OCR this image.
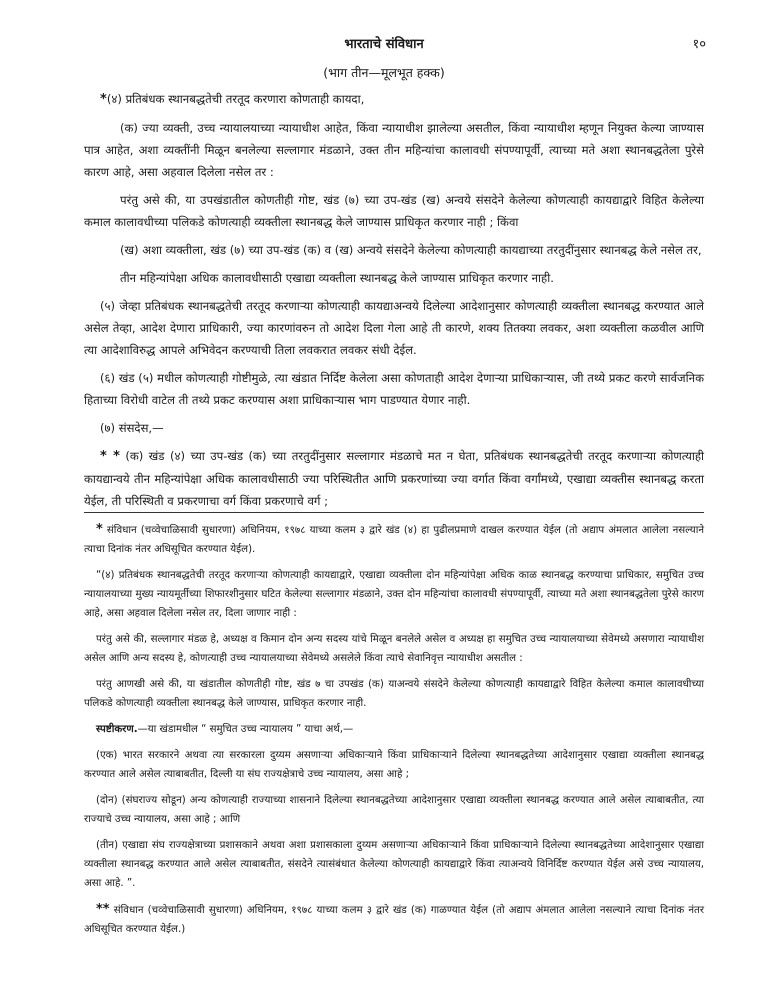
भारताचे संविधान	१०
(भाग तीन—मूलभूत हक्क)

*(४) प्रतिबंधक स्थानबद्धतेची तरतूद करणारा कोणताही कायदा,

(क) ज्या व्यक्ती, उच्च न्यायालयाच्या न्यायाधीश आहेत, किंवा न्यायाधीश झालेल्या असतील, किंवा न्यायाधीश म्हणून नियुक्त केल्या जाण्यास पात्र आहेत, अशा व्यक्तींनी मिळून बनलेल्या सल्लागार मंडळाने, उक्त तीन महिन्यांचा कालावधी संपण्यापूर्वी, त्याच्या मते अशा स्थानबद्धतेला पुरेसे कारण आहे, असा अहवाल दिलेला नसेल तर :

परंतु असे की, या उपखंडातील कोणतीही गोष्ट, खंड (७) च्या उप-खंड (ख) अन्वये संसदेने केलेल्या कोणत्याही कायद्याद्वारे विहित केलेल्या कमाल कालावधीच्या पलिकडे कोणत्याही व्यक्तीला स्थानबद्ध केले जाण्यास प्राधिकृत करणार नाही ; किंवा

(ख) अशा व्यक्तीला, खंड (७) च्या उप-खंड (क) व (ख) अन्वये संसदेने केलेल्या कोणत्याही कायद्याच्या तरतुदींनुसार स्थानबद्ध केले नसेल तर,

तीन महिन्यांपेक्षा अधिक कालावधीसाठी एखाद्या व्यक्तीला स्थानबद्ध केले जाण्यास प्राधिकृत करणार नाही.

(५) जेव्हा प्रतिबंधक स्थानबद्धतेची तरतूद करणाऱ्या कोणत्याही कायद्याअन्वये दिलेल्या आदेशानुसार कोणत्याही व्यक्तीला स्थानबद्ध करण्यात आले असेल तेव्हा, आदेश देणारा प्राधिकारी, ज्या कारणांवरुन तो आदेश दिला गेला आहे ती कारणे, शक्य तितक्या लवकर, अशा व्यक्तीला कळवील आणि त्या आदेशाविरुद्ध आपले अभिवेदन करण्याची तिला लवकरात लवकर संधी देईल.

(६) खंड (५) मधील कोणत्याही गोष्टीमुळे, त्या खंडात निर्दिष्ट केलेला असा कोणताही आदेश देणाऱ्या प्राधिकाऱ्यास, जी तथ्ये प्रकट करणे सार्वजनिक हिताच्या विरोधी वाटेल ती तथ्ये प्रकट करण्यास अशा प्राधिकाऱ्यास भाग पाडण्यात येणार नाही.

(७) संसदेस,—

* * (क) खंड (४) च्या उप-खंड (क) च्या तरतुदींनुसार सल्लागार मंडळाचे मत न घेता, प्रतिबंधक स्थानबद्धतेची तरतूद करणाऱ्या कोणत्याही कायद्यान्वये तीन महिन्यांपेक्षा अधिक कालावधीसाठी ज्या परिस्थितीत आणि प्रकरणांच्या ज्या वर्गात किंवा वर्गांमध्ये, एखाद्या व्यक्तीस स्थानबद्ध करता येईल, ती परिस्थिती व प्रकरणाचा वर्ग किंवा प्रकरणाचे वर्ग ;

* संविधान (चव्वेचाळिसावी सुधारणा) अधिनियम, १९७८ याच्या कलम ३ द्वारे खंड (४) हा पुढीलप्रमाणे दाखल करण्यात येईल (तो अद्याप अंमलात आलेला नसल्याने त्याचा दिनांक नंतर अधिसूचित करण्यात येईल).

“(४) प्रतिबंधक स्थानबद्धतेची तरतूद करणाऱ्या कोणत्याही कायद्याद्वारे, एखाद्या व्यक्तीला दोन महिन्यांपेक्षा अधिक काळ स्थानबद्ध करण्याचा प्राधिकार, समुचित उच्च न्यायालयाच्या मुख्य न्यायमूर्तीच्या शिफारशीनुसार घटित केलेल्या सल्लागार मंडळाने, उक्त दोन महिन्यांचा कालावधी संपण्यापूर्वी, त्याच्या मते अशा स्थानबद्धतेला पुरेसे कारण आहे, असा अहवाल दिलेला नसेल तर, दिला जाणार नाही :

परंतु असे की, सल्लागार मंडळ हे, अध्यक्ष व किमान दोन अन्य सदस्य यांचे मिळून बनलेले असेल व अध्यक्ष हा समुचित उच्च न्यायालयाच्या सेवेमध्ये असणारा न्यायाधीश असेल आणि अन्य सदस्य हे, कोणत्याही उच्च न्यायालयाच्या सेवेमध्ये असलेले किंवा त्याचे सेवानिवृत्त न्यायाधीश असतील :

परंतु आणखी असे की, या खंडातील कोणतीही गोष्ट, खंड ७ चा उपखंड (क) याअन्वये संसदेने केलेल्या कोणत्याही कायद्याद्वारे विहित केलेल्या कमाल कालावधीच्या पलिकडे कोणत्याही व्यक्तीला स्थानबद्ध केले जाण्यास, प्राधिकृत करणार नाही.

स्पष्टीकरण.—या खंडामधील “ समुचित उच्च न्यायालय ” याचा अर्थ,—

(एक) भारत सरकारने अथवा त्या सरकारला दुय्यम असणाऱ्या अधिकाऱ्याने किंवा प्राधिकाऱ्याने दिलेल्या स्थानबद्धतेच्या आदेशानुसार एखाद्या व्यक्तीला स्थानबद्ध करण्यात आले असेल त्याबाबतीत, दिल्ली या संघ राज्यक्षेत्राचे उच्च न्यायालय, असा आहे ;

(दोन) (संघराज्य सोडून) अन्य कोणत्याही राज्याच्या शासनाने दिलेल्या स्थानबद्धतेच्या आदेशानुसार एखाद्या व्यक्तीला स्थानबद्ध करण्यात आले असेल त्याबाबतीत, त्या राज्याचे उच्च न्यायालय, असा आहे ; आणि

(तीन) एखाद्या संघ राज्यक्षेत्राच्या प्रशासकाने अथवा अशा प्रशासकाला दुय्यम असणाऱ्या अधिकाऱ्याने किंवा प्राधिकाऱ्याने दिलेल्या स्थानबद्धतेच्या आदेशानुसार एखाद्या व्यक्तीला स्थानबद्ध करण्यात आले असेल त्याबाबतीत, संसदेने त्यासंबंधात केलेल्या कोणत्याही कायद्याद्वारे किंवा त्याअन्वये विनिर्दिष्ट करण्यात येईल असे उच्च न्यायालय, असा आहे. ”.

** संविधान (चव्वेचाळिसावी सुधारणा) अधिनियम, १९७८ याच्या कलम ३ द्वारे खंड (क) गाळण्यात येईल (तो अद्याप अंमलात आलेला नसल्याने त्याचा दिनांक नंतर अधिसूचित करण्यात येईल.)
